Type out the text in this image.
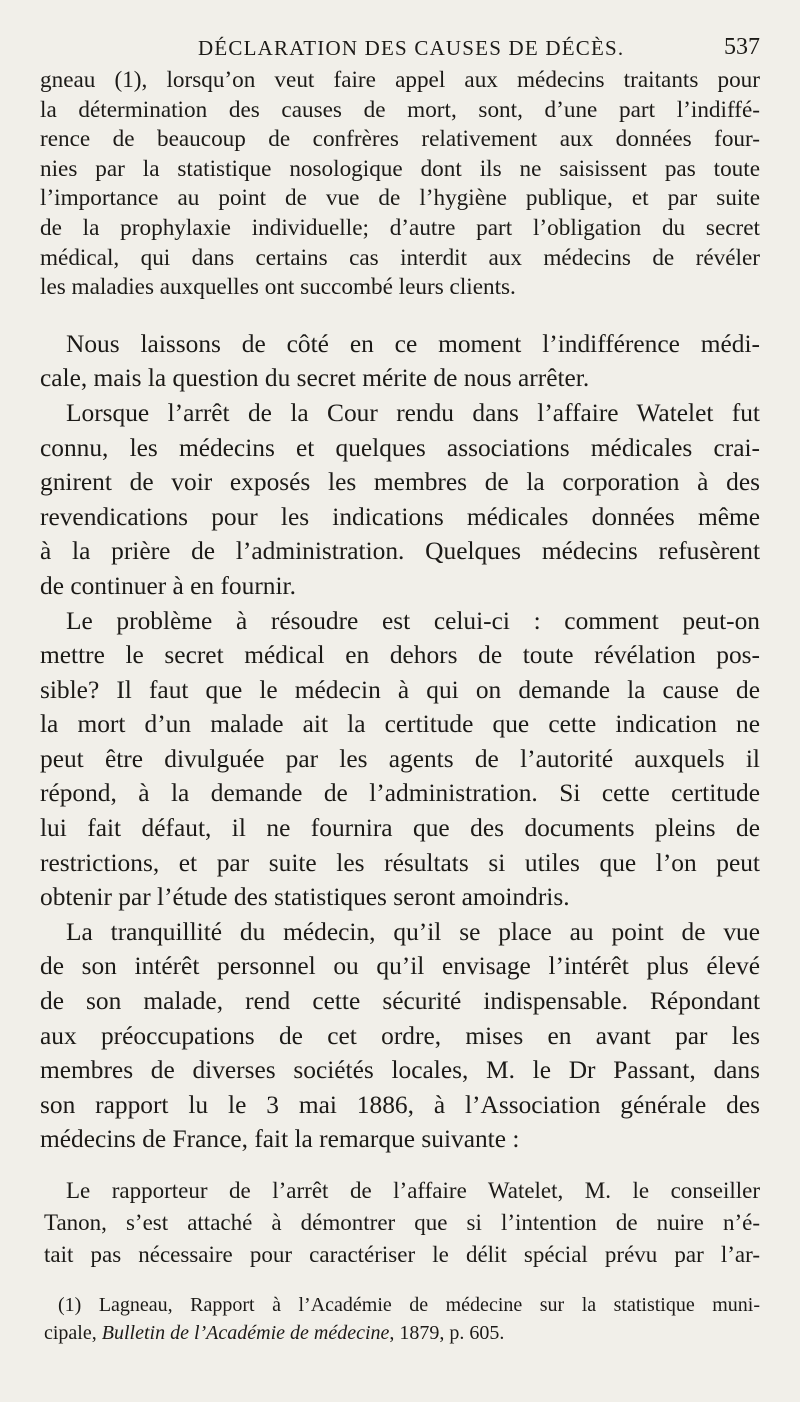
DÉCLARATION DES CAUSES DE DÉCÈS.	537

gneau (1), lorsqu’on veut faire appel aux médecins traitants pour
la détermination des causes de mort, sont, d’une part l’indiffé-
rence de beaucoup de confrères relativement aux données four-
nies par la statistique nosologique dont ils ne saisissent pas toute
l’importance au point de vue de l’hygiène publique, et par suite
de la prophylaxie individuelle; d’autre part l’obligation du secret
médical, qui dans certains cas interdit aux médecins de révéler
les maladies auxquelles ont succombé leurs clients.

Nous laissons de côté en ce moment l’indifférence médi-
cale, mais la question du secret mérite de nous arrêter.

Lorsque l’arrêt de la Cour rendu dans l’affaire Watelet fut
connu, les médecins et quelques associations médicales crai-
gnirent de voir exposés les membres de la corporation à des
revendications pour les indications médicales données même
à la prière de l’administration. Quelques médecins refusèrent
de continuer à en fournir.

Le problème à résoudre est celui-ci : comment peut-on
mettre le secret médical en dehors de toute révélation pos-
sible? Il faut que le médecin à qui on demande la cause de
la mort d’un malade ait la certitude que cette indication ne
peut être divulguée par les agents de l’autorité auxquels il
répond, à la demande de l’administration. Si cette certitude
lui fait défaut, il ne fournira que des documents pleins de
restrictions, et par suite les résultats si utiles que l’on peut
obtenir par l’étude des statistiques seront amoindris.

La tranquillité du médecin, qu’il se place au point de vue
de son intérêt personnel ou qu’il envisage l’intérêt plus élevé
de son malade, rend cette sécurité indispensable. Répondant
aux préoccupations de cet ordre, mises en avant par les
membres de diverses sociétés locales, M. le Dr Passant, dans
son rapport lu le 3 mai 1886, à l’Association générale des
médecins de France, fait la remarque suivante :

Le rapporteur de l’arrêt de l’affaire Watelet, M. le conseiller
Tanon, s’est attaché à démontrer que si l’intention de nuire n’é-
tait pas nécessaire pour caractériser le délit spécial prévu par l’ar-

(1) Lagneau, Rapport à l’Académie de médecine sur la statistique muni-
cipale, Bulletin de l’Académie de médecine, 1879, p. 605.
